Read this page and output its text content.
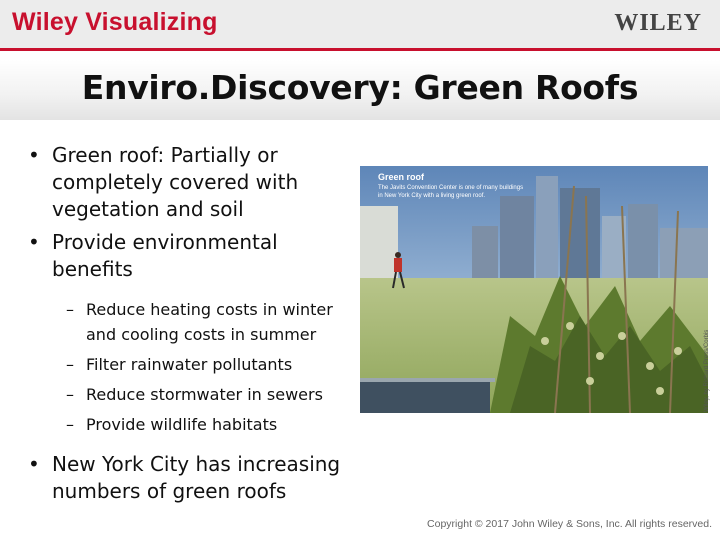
Wiley Visualizing	WILEY
Enviro.Discovery: Green Roofs
• Green roof: Partially or completely covered with vegetation and soil
• Provide environmental benefits
– Reduce heating costs in winter and cooling costs in summer
– Filter rainwater pollutants
– Reduce stormwater in sewers
– Provide wildlife habitats
• New York City has increasing numbers of green roofs
Green roof
The Javits Convention Center is one of many buildings in New York City with a living green roof.
Wiley, by Richard Press/Corbis
Copyright © 2017 John Wiley & Sons, Inc. All rights reserved.
